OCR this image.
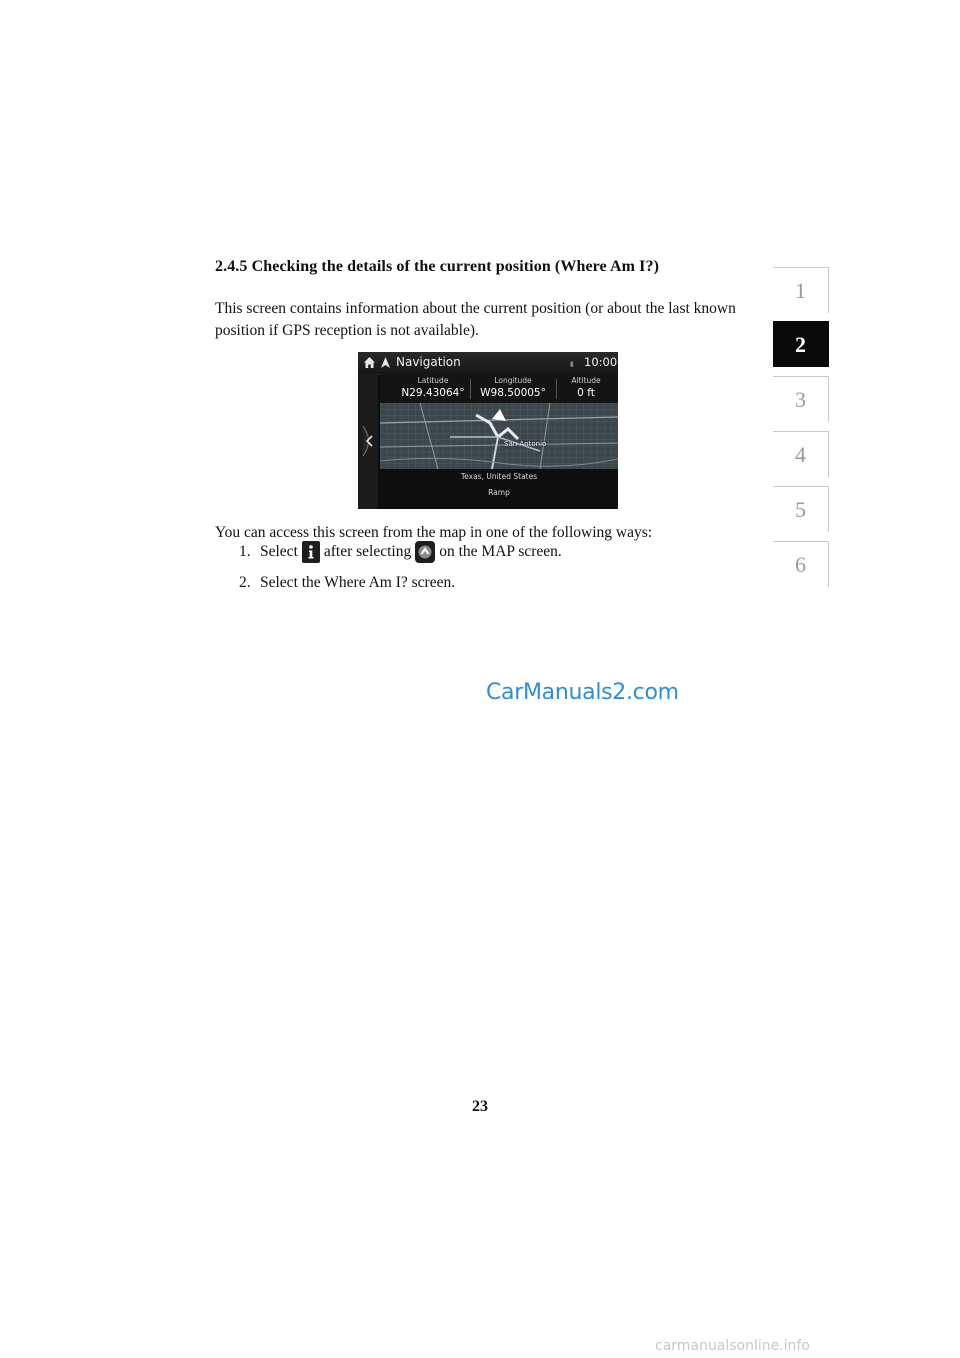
2.4.5 Checking the details of the current position (Where Am I?)
This screen contains information about the current position (or about the last known position if GPS reception is not available).
Navigation	▮ 10:00
Latitude
N29.43064°
Longitude
W98.50005°
Altitude
0 ft
San Antonio
Texas, United States
Ramp
You can access this screen from the map in one of the following ways:
1. Select after selecting on the MAP screen.
2. Select the Where Am I? screen.
CarManuals2.com
23
1
2
3
4
5
6
carmanualsonline.info
